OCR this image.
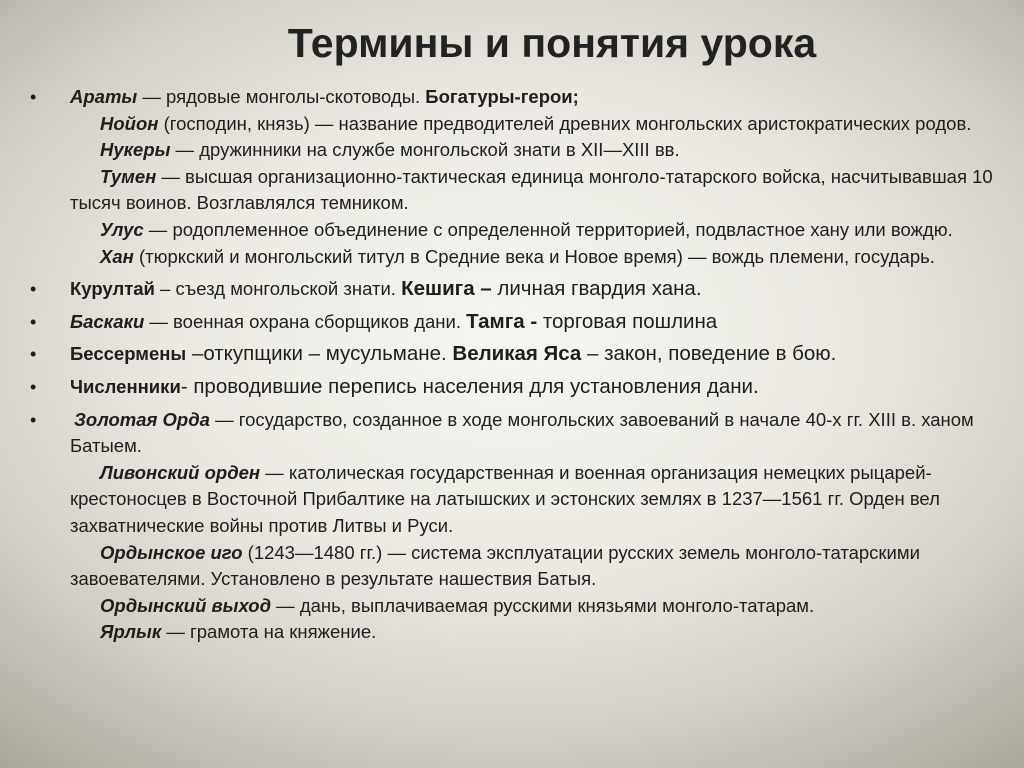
Термины и понятия урока
• Араты — рядовые монголы-скотоводы. Богатуры-герои;
Нойон (господин, князь) — название предводителей древних монгольских аристократических родов.
Нукеры — дружинники на службе монгольской знати в XII—XIII вв.
Тумен — высшая организационно-тактическая единица монголо-татарского войска, насчитывавшая 10 тысяч воинов. Возглавлялся темником.
Улус — родоплеменное объединение с определенной территорией, подвластное хану или вождю.
Хан (тюркский и монгольский титул в Средние века и Новое время) — вождь племени, государь.
• Курултай – съезд монгольской знати. Кешига – личная гвардия хана.
• Баскаки — военная охрана сборщиков дани. Тамга - торговая пошлина
• Бессермены –откупщики – мусульмане. Великая Яса – закон, поведение в бою.
• Численники- проводившие перепись населения для установления дани.
• Золотая Орда — государство, созданное в ходе монгольских завоеваний в начале 40-х гг. XIII в. ханом Батыем.
Ливонский орден — католическая государственная и военная организация немецких рыцарей-крестоносцев в Восточной Прибалтике на латышских и эстонских землях в 1237—1561 гг. Орден вел захватнические войны против Литвы и Руси.
Ордынское иго (1243—1480 гг.) — система эксплуатации русских земель монголо-татарскими завоевателями. Установлено в результате нашествия Батыя.
Ордынский выход — дань, выплачиваемая русскими князьями монголо-татарам.
Ярлык — грамота на княжение.
